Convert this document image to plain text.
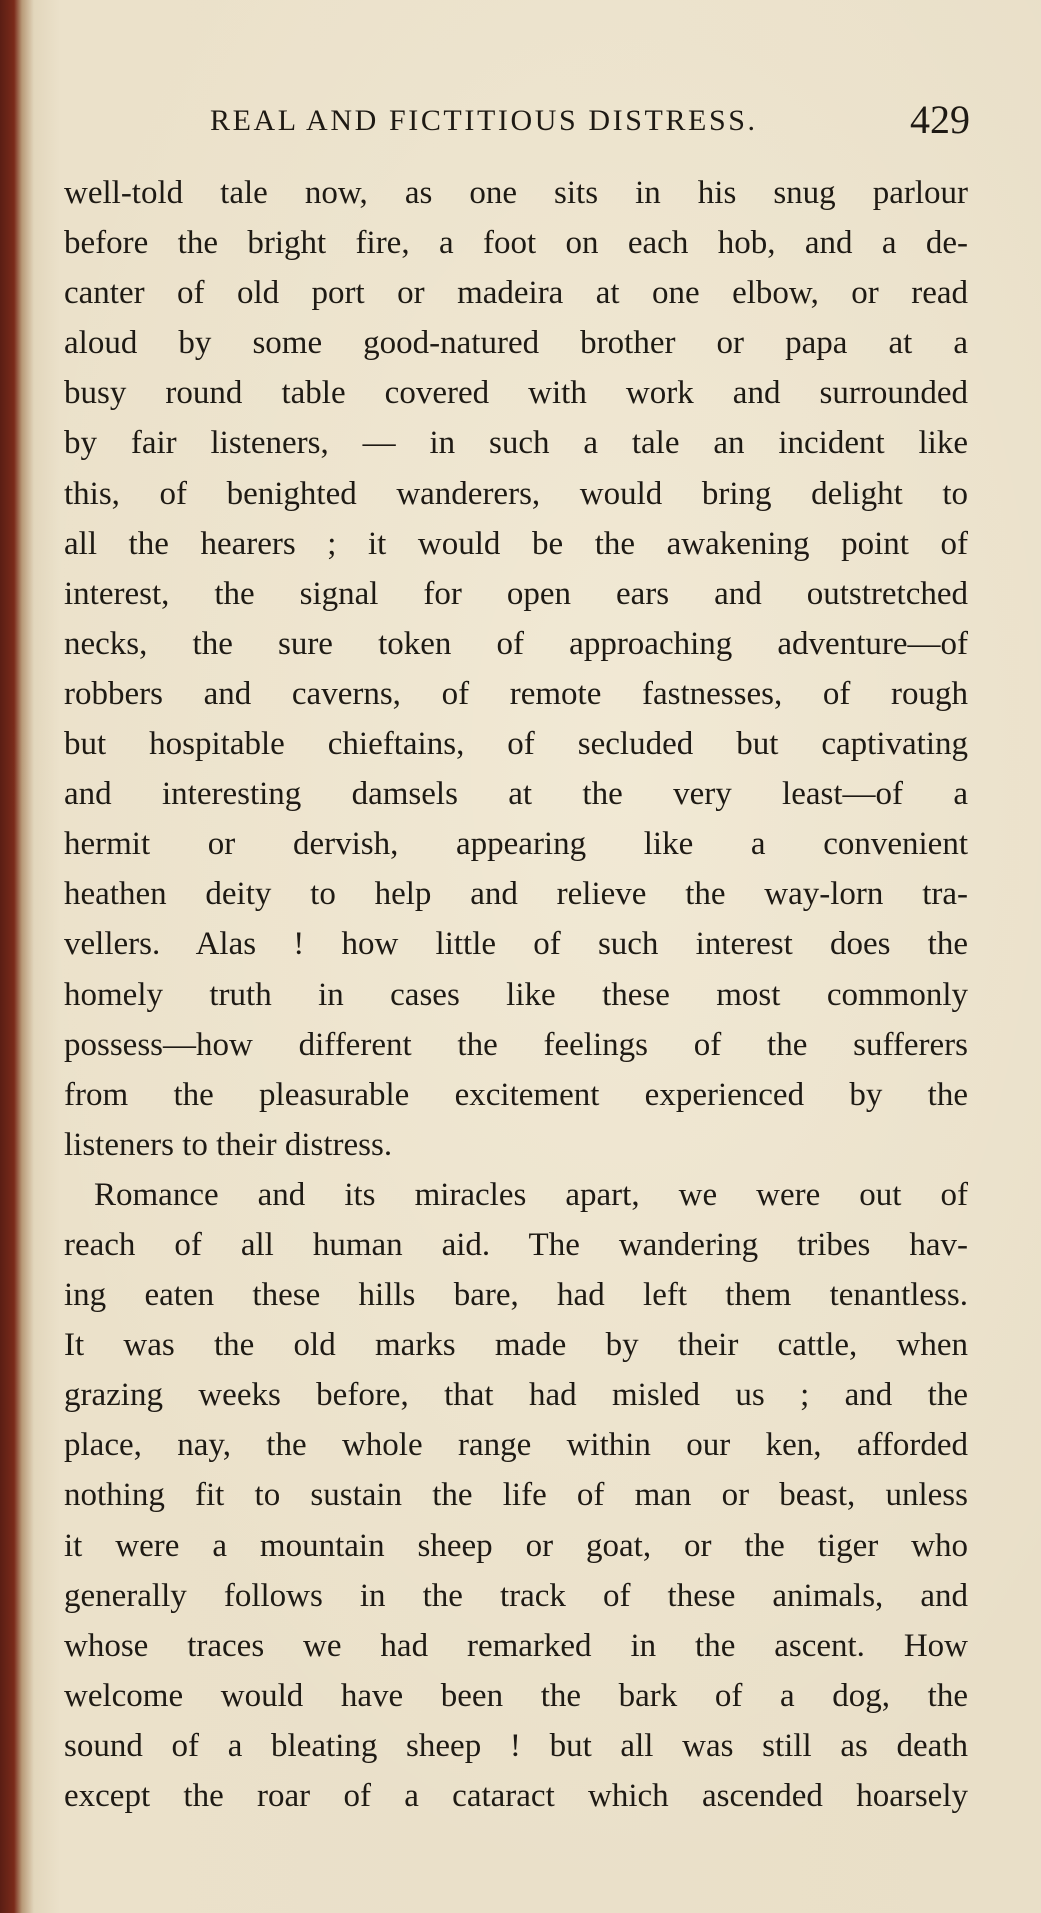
REAL AND FICTITIOUS DISTRESS.	429
well-told tale now, as one sits in his snug parlour
before the bright fire, a foot on each hob, and a de-
canter of old port or madeira at one elbow, or read
aloud by some good-natured brother or papa at a
busy round table covered with work and surrounded
by fair listeners, — in such a tale an incident like
this, of benighted wanderers, would bring delight to
all the hearers ; it would be the awakening point of
interest, the signal for open ears and outstretched
necks, the sure token of approaching adventure—of
robbers and caverns, of remote fastnesses, of rough
but hospitable chieftains, of secluded but captivating
and interesting damsels at the very least—of a
hermit or dervish, appearing like a convenient
heathen deity to help and relieve the way-lorn tra-
vellers. Alas ! how little of such interest does the
homely truth in cases like these most commonly
possess—how different the feelings of the sufferers
from the pleasurable excitement experienced by the
listeners to their distress.
Romance and its miracles apart, we were out of
reach of all human aid. The wandering tribes hav-
ing eaten these hills bare, had left them tenantless.
It was the old marks made by their cattle, when
grazing weeks before, that had misled us ; and the
place, nay, the whole range within our ken, afforded
nothing fit to sustain the life of man or beast, unless
it were a mountain sheep or goat, or the tiger who
generally follows in the track of these animals, and
whose traces we had remarked in the ascent. How
welcome would have been the bark of a dog, the
sound of a bleating sheep ! but all was still as death
except the roar of a cataract which ascended hoarsely
